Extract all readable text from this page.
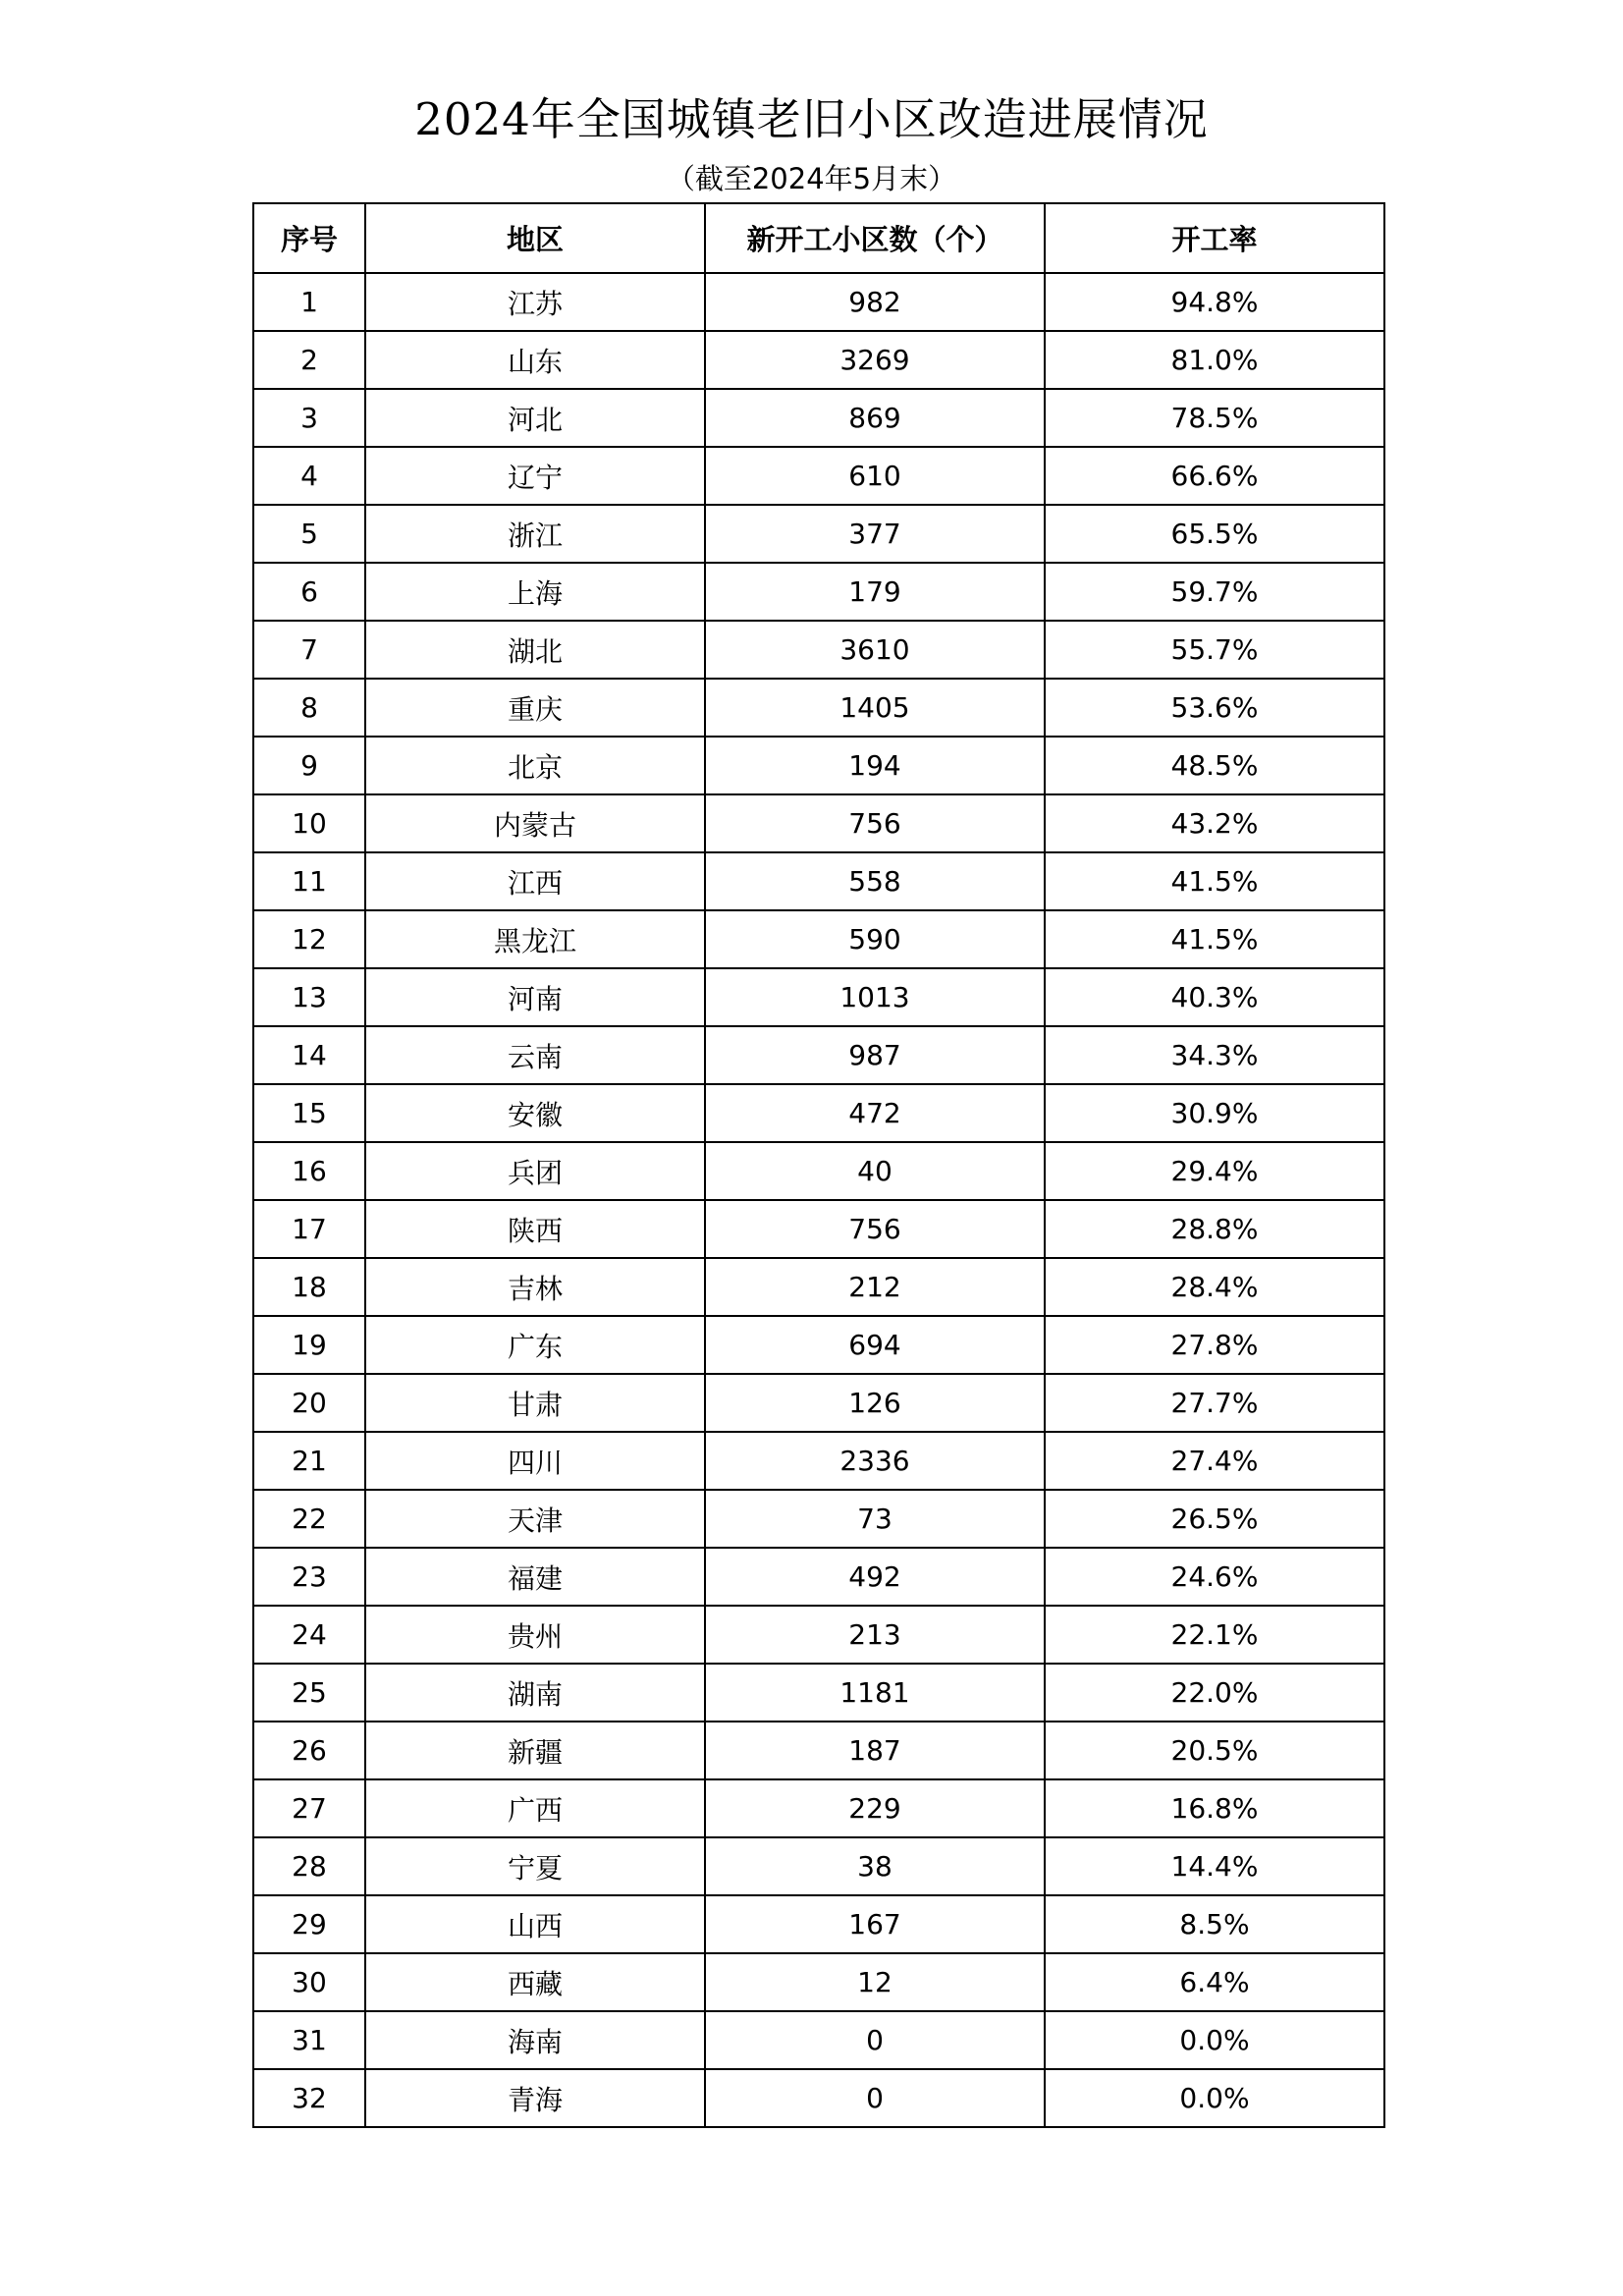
2024年全国城镇老旧小区改造进展情况
（截至2024年5月末）
序号	地区	新开工小区数（个）	开工率
1	江苏	982	94.8%
2	山东	3269	81.0%
3	河北	869	78.5%
4	辽宁	610	66.6%
5	浙江	377	65.5%
6	上海	179	59.7%
7	湖北	3610	55.7%
8	重庆	1405	53.6%
9	北京	194	48.5%
10	内蒙古	756	43.2%
11	江西	558	41.5%
12	黑龙江	590	41.5%
13	河南	1013	40.3%
14	云南	987	34.3%
15	安徽	472	30.9%
16	兵团	40	29.4%
17	陕西	756	28.8%
18	吉林	212	28.4%
19	广东	694	27.8%
20	甘肃	126	27.7%
21	四川	2336	27.4%
22	天津	73	26.5%
23	福建	492	24.6%
24	贵州	213	22.1%
25	湖南	1181	22.0%
26	新疆	187	20.5%
27	广西	229	16.8%
28	宁夏	38	14.4%
29	山西	167	8.5%
30	西藏	12	6.4%
31	海南	0	0.0%
32	青海	0	0.0%
